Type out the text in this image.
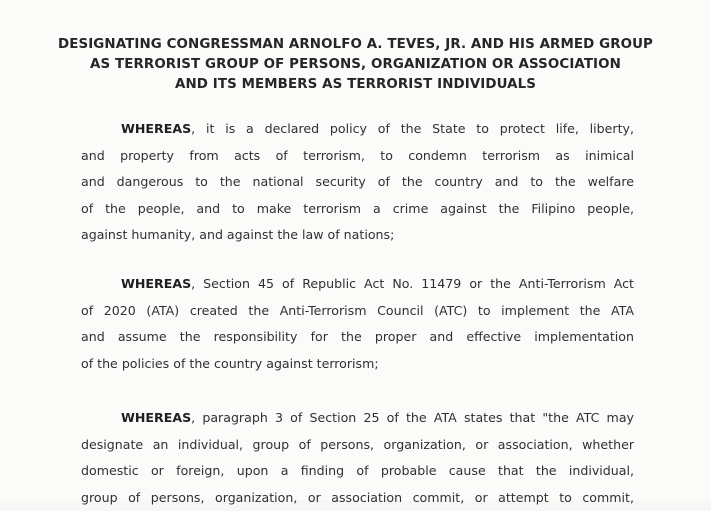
DESIGNATING CONGRESSMAN ARNOLFO A. TEVES, JR. AND HIS ARMED GROUP
AS TERRORIST GROUP OF PERSONS, ORGANIZATION OR ASSOCIATION
AND ITS MEMBERS AS TERRORIST INDIVIDUALS
WHEREAS, it is a declared policy of the State to protect life, liberty,
and property from acts of terrorism, to condemn terrorism as inimical
and dangerous to the national security of the country and to the welfare
of the people, and to make terrorism a crime against the Filipino people,
against humanity, and against the law of nations;
WHEREAS, Section 45 of Republic Act No. 11479 or the Anti-Terrorism Act
of 2020 (ATA) created the Anti-Terrorism Council (ATC) to implement the ATA
and assume the responsibility for the proper and effective implementation
of the policies of the country against terrorism;
WHEREAS, paragraph 3 of Section 25 of the ATA states that "the ATC may
designate an individual, group of persons, organization, or association, whether
domestic or foreign, upon a finding of probable cause that the individual,
group of persons, organization, or association commit, or attempt to commit,
